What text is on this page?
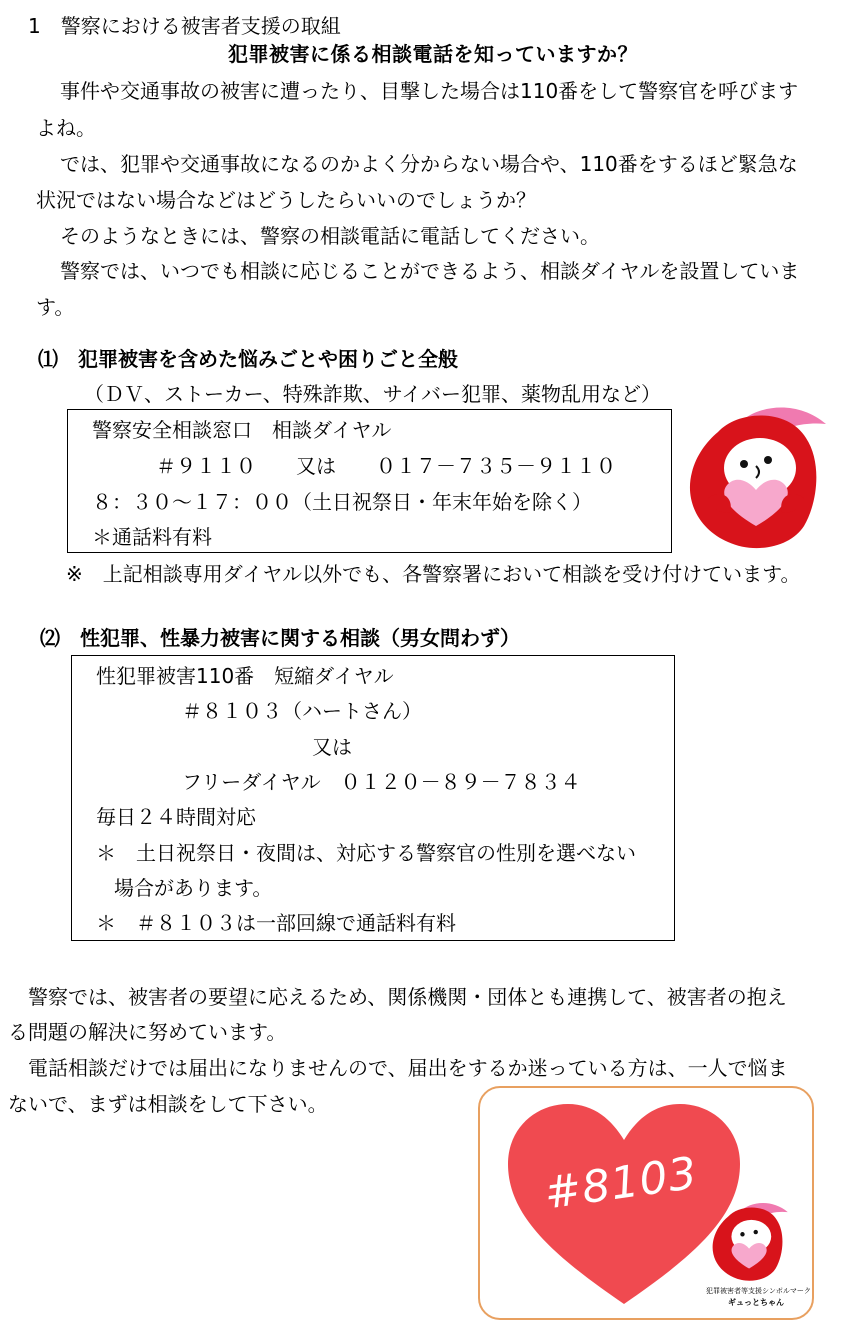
1　警察における被害者支援の取組
犯罪被害に係る相談電話を知っていますか？
事件や交通事故の被害に遭ったり、目撃した場合は110番をして警察官を呼びます
よね。
では、犯罪や交通事故になるのかよく分からない場合や、110番をするほど緊急な
状況ではない場合などはどうしたらいいのでしょうか？
そのようなときには、警察の相談電話に電話してください。
警察では、いつでも相談に応じることができるよう、相談ダイヤルを設置していま
す。
⑴　犯罪被害を含めた悩みごとや困りごと全般
（ＤＶ、ストーカー、特殊詐欺、サイバー犯罪、薬物乱用など）
警察安全相談窓口　相談ダイヤル
＃９１１０　　又は　　０１７－７３５－９１１０
８：３０～１７：００（土日祝祭日・年末年始を除く）
＊通話料有料
※　上記相談専用ダイヤル以外でも、各警察署において相談を受け付けています。
⑵　性犯罪、性暴力被害に関する相談（男女問わず）
性犯罪被害110番　短縮ダイヤル
＃８１０３（ハートさん）
又は
フリーダイヤル　０１２０－８９－７８３４
毎日２４時間対応
＊　土日祝祭日・夜間は、対応する警察官の性別を選べない
場合があります。
＊　＃８１０３は一部回線で通話料有料
警察では、被害者の要望に応えるため、関係機関・団体とも連携して、被害者の抱え
る問題の解決に努めています。
電話相談だけでは届出になりませんので、届出をするか迷っている方は、一人で悩ま
ないで、まずは相談をして下さい。
#8103
犯罪被害者等支援シンボルマーク
ギュっとちゃん
